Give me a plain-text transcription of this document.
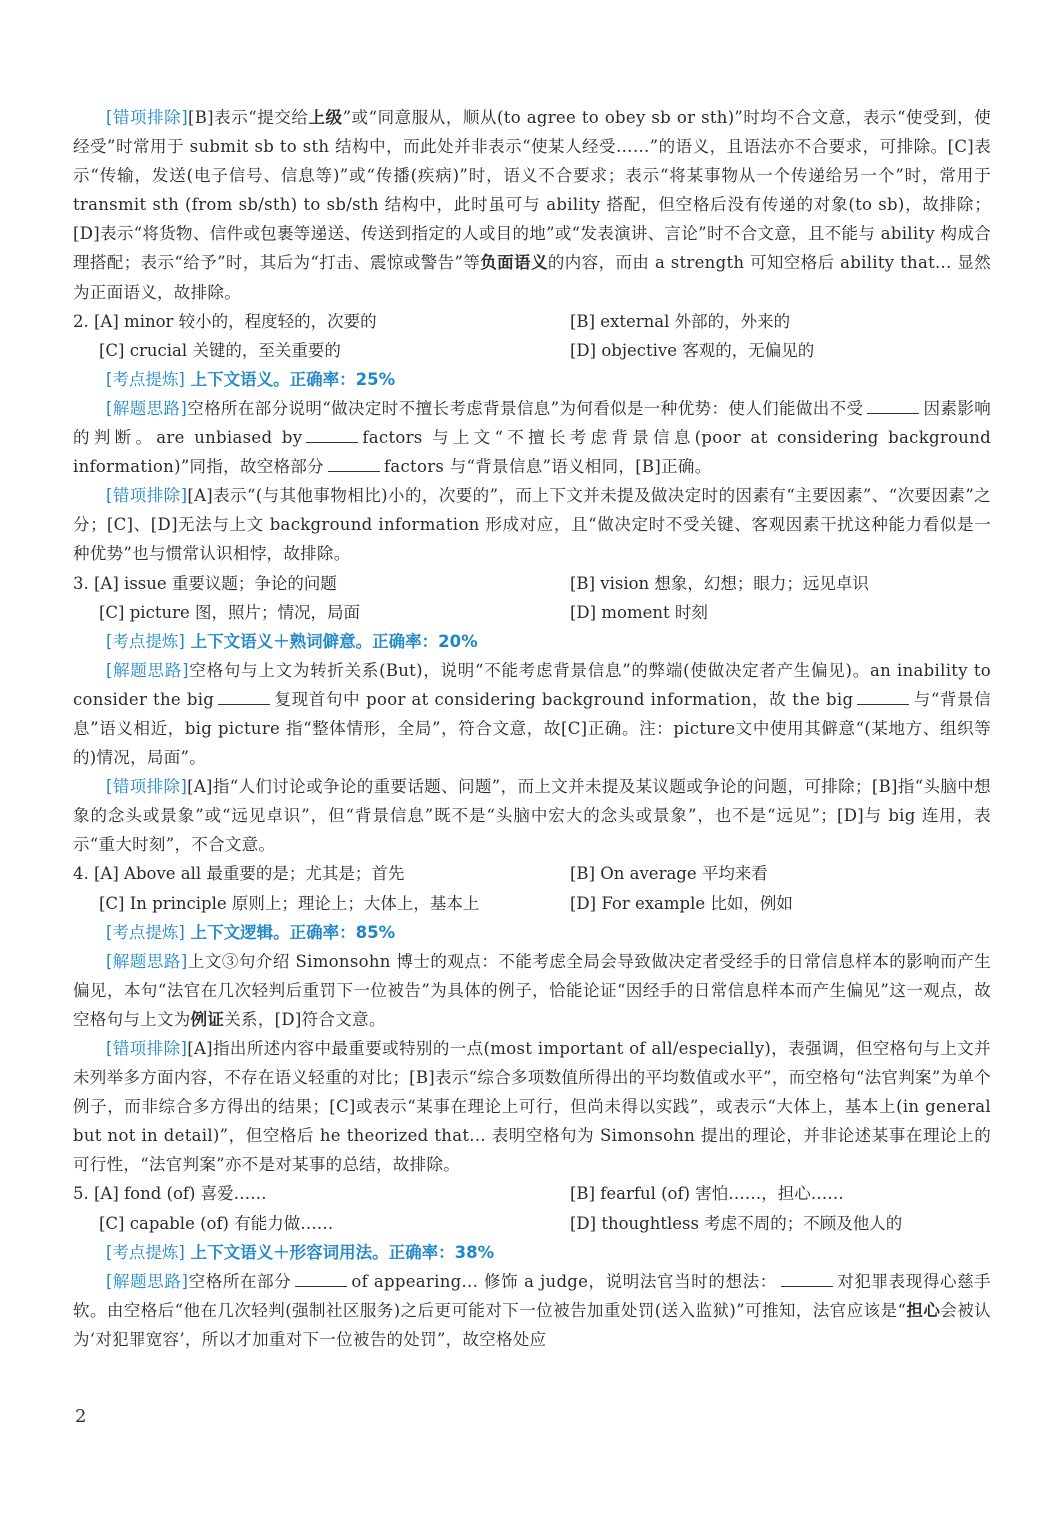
[错项排除][B]表示“提交给上级”或“同意服从，顺从(to agree to obey sb or sth)”时均不合文意，表示“使受到，使经受”时常用于 submit sb to sth 结构中，而此处并非表示“使某人经受……”的语义，且语法亦不合要求，可排除。[C]表示“传输，发送(电子信号、信息等)”或“传播(疾病)”时，语义不合要求；表示“将某事物从一个传递给另一个”时，常用于 transmit sth (from sb/sth) to sb/sth 结构中，此时虽可与 ability 搭配，但空格后没有传递的对象(to sb)，故排除；[D]表示“将货物、信件或包裹等递送、传送到指定的人或目的地”或“发表演讲、言论”时不合文意，且不能与 ability 构成合理搭配；表示“给予”时，其后为“打击、震惊或警告”等负面语义的内容，而由 a strength 可知空格后 ability that... 显然为正面语义，故排除。
2. [A] minor 较小的，程度轻的，次要的	[B] external 外部的，外来的
[C] crucial 关键的，至关重要的	[D] objective 客观的，无偏见的
[考点提炼] 上下文语义。正确率：25%
[解题思路]空格所在部分说明“做决定时不擅长考虑背景信息”为何看似是一种优势：使人们能做出不受	因素影响的判断。are unbiased by	factors 与上文“不擅长考虑背景信息(poor at considering background information)”同指，故空格部分	factors 与“背景信息”语义相同，[B]正确。
[错项排除][A]表示“(与其他事物相比)小的，次要的”，而上下文并未提及做决定时的因素有“主要因素”、“次要因素”之分；[C]、[D]无法与上文 background information 形成对应，且“做决定时不受关键、客观因素干扰这种能力看似是一种优势”也与惯常认识相悖，故排除。
3. [A] issue 重要议题；争论的问题	[B] vision 想象，幻想；眼力；远见卓识
[C] picture 图，照片；情况，局面	[D] moment 时刻
[考点提炼] 上下文语义＋熟词僻意。正确率：20%
[解题思路]空格句与上文为转折关系(But)，说明“不能考虑背景信息”的弊端(使做决定者产生偏见)。an inability to consider the big	复现首句中 poor at considering background information，故 the big	与“背景信息”语义相近，big picture 指“整体情形，全局”，符合文意，故[C]正确。注：picture文中使用其僻意“(某地方、组织等的)情况，局面”。
[错项排除][A]指“人们讨论或争论的重要话题、问题”，而上文并未提及某议题或争论的问题，可排除；[B]指“头脑中想象的念头或景象”或“远见卓识”，但“背景信息”既不是“头脑中宏大的念头或景象”，也不是“远见”；[D]与 big 连用，表示“重大时刻”，不合文意。
4. [A] Above all 最重要的是；尤其是；首先	[B] On average 平均来看
[C] In principle 原则上；理论上；大体上，基本上	[D] For example 比如，例如
[考点提炼] 上下文逻辑。正确率：85%
[解题思路]上文③句介绍 Simonsohn 博士的观点：不能考虑全局会导致做决定者受经手的日常信息样本的影响而产生偏见，本句“法官在几次轻判后重罚下一位被告”为具体的例子，恰能论证“因经手的日常信息样本而产生偏见”这一观点，故空格句与上文为例证关系，[D]符合文意。
[错项排除][A]指出所述内容中最重要或特别的一点(most important of all/especially)，表强调，但空格句与上文并未列举多方面内容，不存在语义轻重的对比；[B]表示“综合多项数值所得出的平均数值或水平”，而空格句“法官判案”为单个例子，而非综合多方得出的结果；[C]或表示“某事在理论上可行，但尚未得以实践”，或表示“大体上，基本上(in general but not in detail)”，但空格后 he theorized that... 表明空格句为 Simonsohn 提出的理论，并非论述某事在理论上的可行性，“法官判案”亦不是对某事的总结，故排除。
5. [A] fond (of) 喜爱……	[B] fearful (of) 害怕……，担心……
[C] capable (of) 有能力做……	[D] thoughtless 考虑不周的；不顾及他人的
[考点提炼] 上下文语义＋形容词用法。正确率：38%
[解题思路]空格所在部分	of appearing... 修饰 a judge，说明法官当时的想法：	对犯罪表现得心慈手软。由空格后“他在几次轻判(强制社区服务)之后更可能对下一位被告加重处罚(送入监狱)”可推知，法官应该是“担心会被认为‘对犯罪宽容’，所以才加重对下一位被告的处罚”，故空格处应
2
